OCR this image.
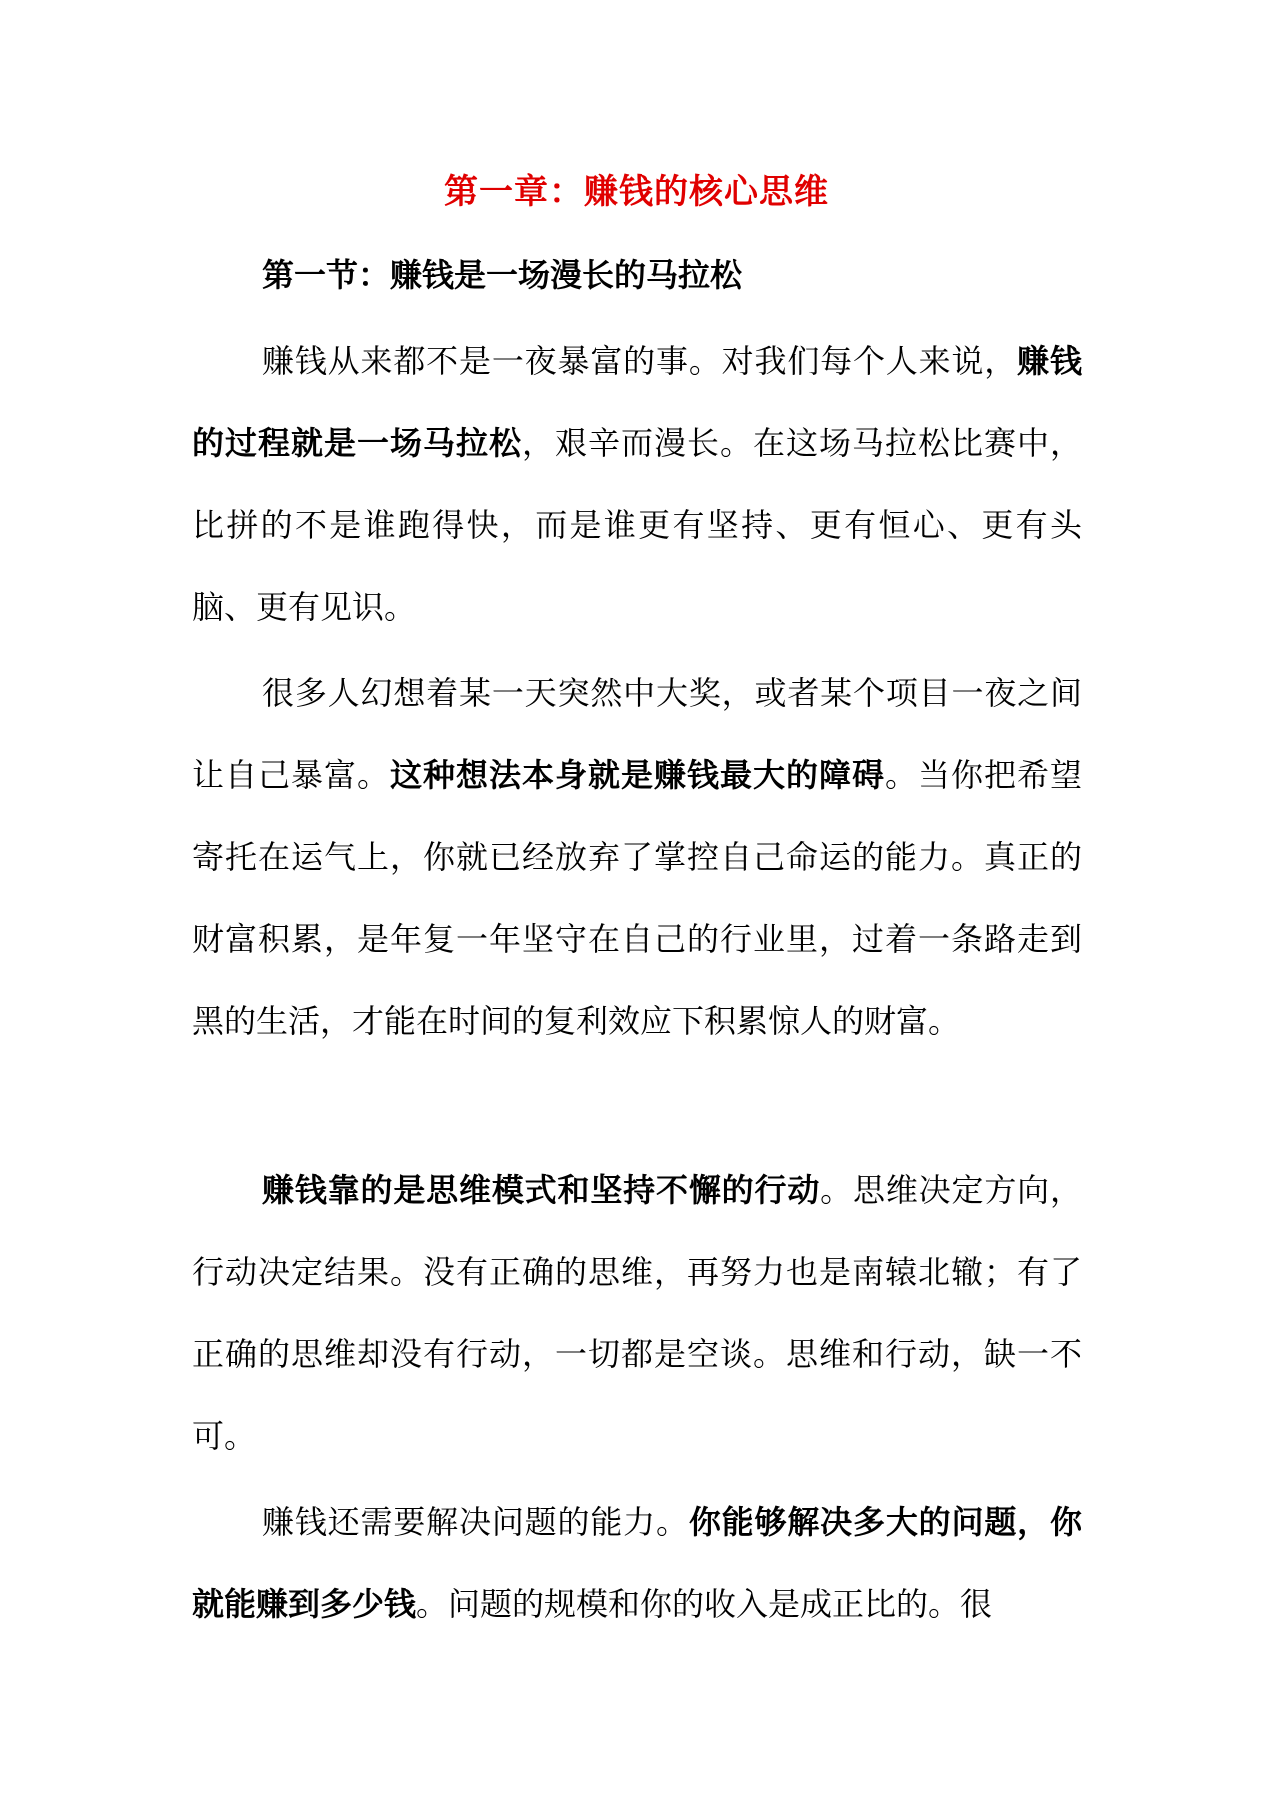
第一章：赚钱的核心思维
第一节：赚钱是一场漫长的马拉松

赚钱从来都不是一夜暴富的事。对我们每个人来说，赚钱的过程就是一场马拉松，艰辛而漫长。在这场马拉松比赛中，比拼的不是谁跑得快，而是谁更有坚持、更有恒心、更有头脑、更有见识。

很多人幻想着某一天突然中大奖，或者某个项目一夜之间让自己暴富。这种想法本身就是赚钱最大的障碍。当你把希望寄托在运气上，你就已经放弃了掌控自己命运的能力。真正的财富积累，是年复一年坚守在自己的行业里，过着一条路走到黑的生活，才能在时间的复利效应下积累惊人的财富。

赚钱靠的是思维模式和坚持不懈的行动。思维决定方向，行动决定结果。没有正确的思维，再努力也是南辕北辙；有了正确的思维却没有行动，一切都是空谈。思维和行动，缺一不可。

赚钱还需要解决问题的能力。你能够解决多大的问题，你就能赚到多少钱。问题的规模和你的收入是成正比的。很
